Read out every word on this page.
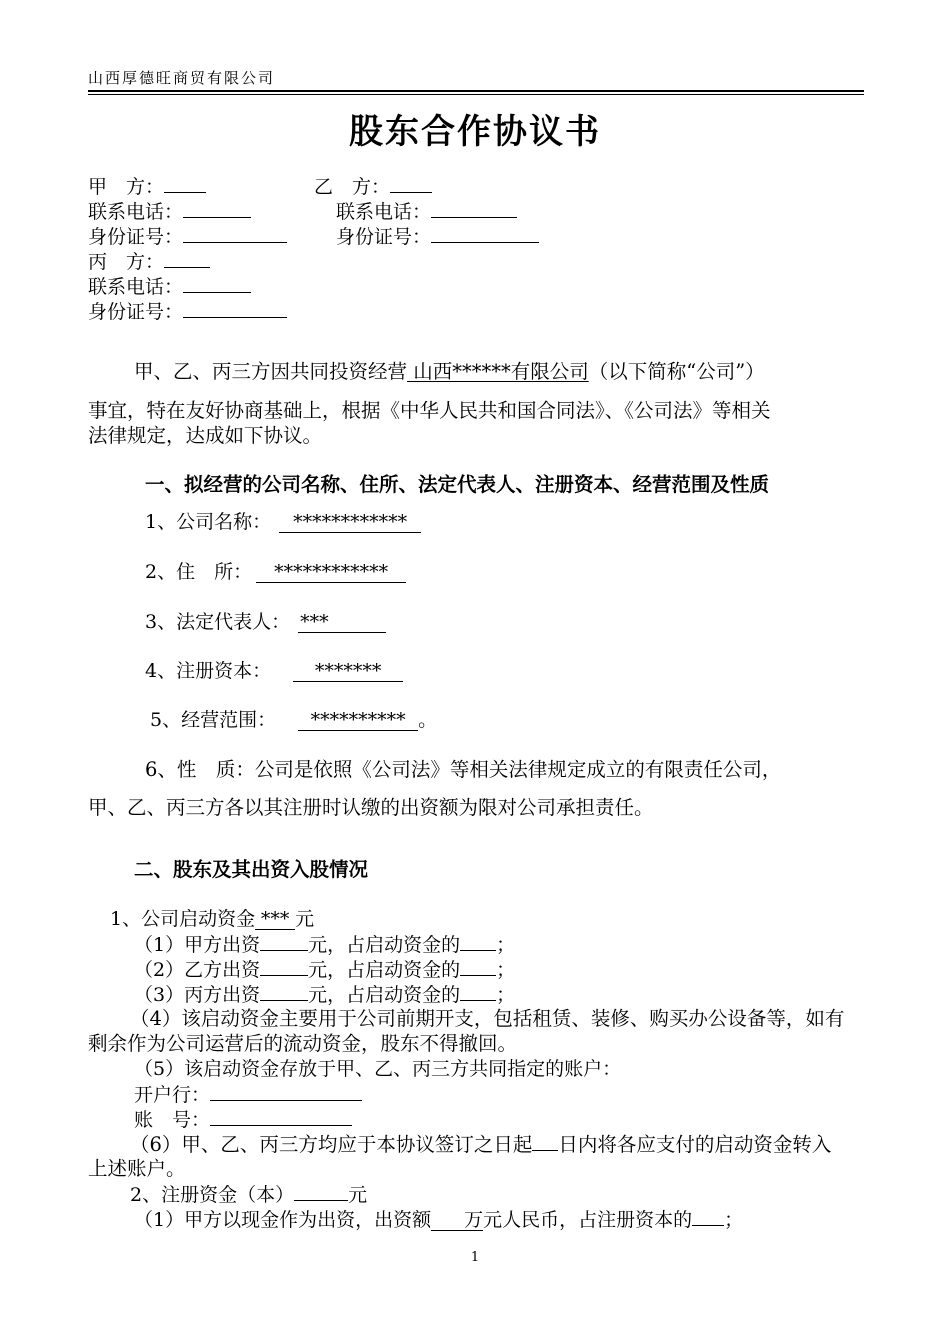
山西厚德旺商贸有限公司
股东合作协议书
甲　方：	乙　方：
联系电话：	联系电话：
身份证号：	身份证号：
丙　方：
联系电话：
身份证号：
甲、乙、丙三方因共同投资经营 山西******有限公司（以下简称“公司”）
事宜，特在友好协商基础上，根据《中华人民共和国合同法》、《公司法》等相关
法律规定，达成如下协议。
一、拟经营的公司名称、住所、法定代表人、注册资本、经营范围及性质
1、公司名称： ************
2、住　所： ************
3、法定代表人： ***
4、注册资本： *******
5、经营范围： ********** 。
6、性　质：公司是依照《公司法》等相关法律规定成立的有限责任公司，
甲、乙、丙三方各以其注册时认缴的出资额为限对公司承担责任。
二、股东及其出资入股情况
1、公司启动资金 *** 元
（1）甲方出资	元，占启动资金的 ；
（2）乙方出资	元，占启动资金的 ；
（3）丙方出资	元，占启动资金的 ；
（4）该启动资金主要用于公司前期开支，包括租赁、装修、购买办公设备等，如有
剩余作为公司运营后的流动资金，股东不得撤回。
（5）该启动资金存放于甲、乙、丙三方共同指定的账户：
开户行：
账　号：
（6）甲、乙、丙三方均应于本协议签订之日起 日内将各应支付的启动资金转入
上述账户。
2、注册资金（本）	元
（1）甲方以现金作为出资，出资额 万元人民币，占注册资本的 ；
1
